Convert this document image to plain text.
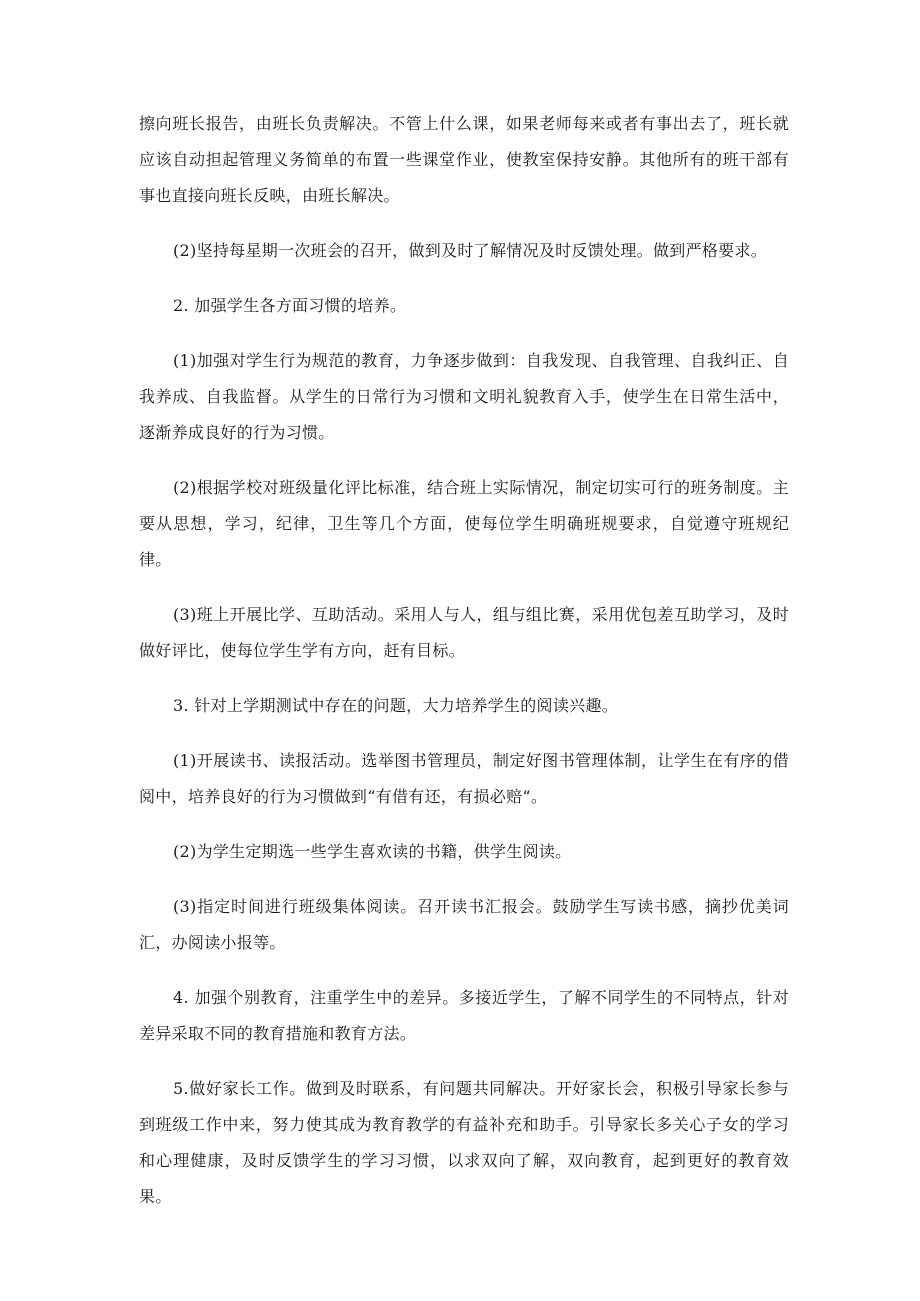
擦向班长报告，由班长负责解决。不管上什么课，如果老师每来或者有事出去了，班长就应该自动担起管理义务简单的布置一些课堂作业，使教室保持安静。其他所有的班干部有事也直接向班长反映，由班长解决。

(2)坚持每星期一次班会的召开，做到及时了解情况及时反馈处理。做到严格要求。

2. 加强学生各方面习惯的培养。

(1)加强对学生行为规范的教育，力争逐步做到：自我发现、自我管理、自我纠正、自我养成、自我监督。从学生的日常行为习惯和文明礼貌教育入手，使学生在日常生活中，逐渐养成良好的行为习惯。

(2)根据学校对班级量化评比标准，结合班上实际情况，制定切实可行的班务制度。主要从思想，学习，纪律，卫生等几个方面，使每位学生明确班规要求，自觉遵守班规纪律。

(3)班上开展比学、互助活动。采用人与人，组与组比赛，采用优包差互助学习，及时做好评比，使每位学生学有方向，赶有目标。

3. 针对上学期测试中存在的问题，大力培养学生的阅读兴趣。

(1)开展读书、读报活动。选举图书管理员，制定好图书管理体制，让学生在有序的借阅中，培养良好的行为习惯做到“有借有还，有损必赔“。

(2)为学生定期选一些学生喜欢读的书籍，供学生阅读。

(3)指定时间进行班级集体阅读。召开读书汇报会。鼓励学生写读书感，摘抄优美词汇，办阅读小报等。

4. 加强个别教育，注重学生中的差异。多接近学生，了解不同学生的不同特点，针对差异采取不同的教育措施和教育方法。

5.做好家长工作。做到及时联系，有问题共同解决。开好家长会，积极引导家长参与到班级工作中来，努力使其成为教育教学的有益补充和助手。引导家长多关心子女的学习和心理健康，及时反馈学生的学习习惯，以求双向了解，双向教育，起到更好的教育效果。
